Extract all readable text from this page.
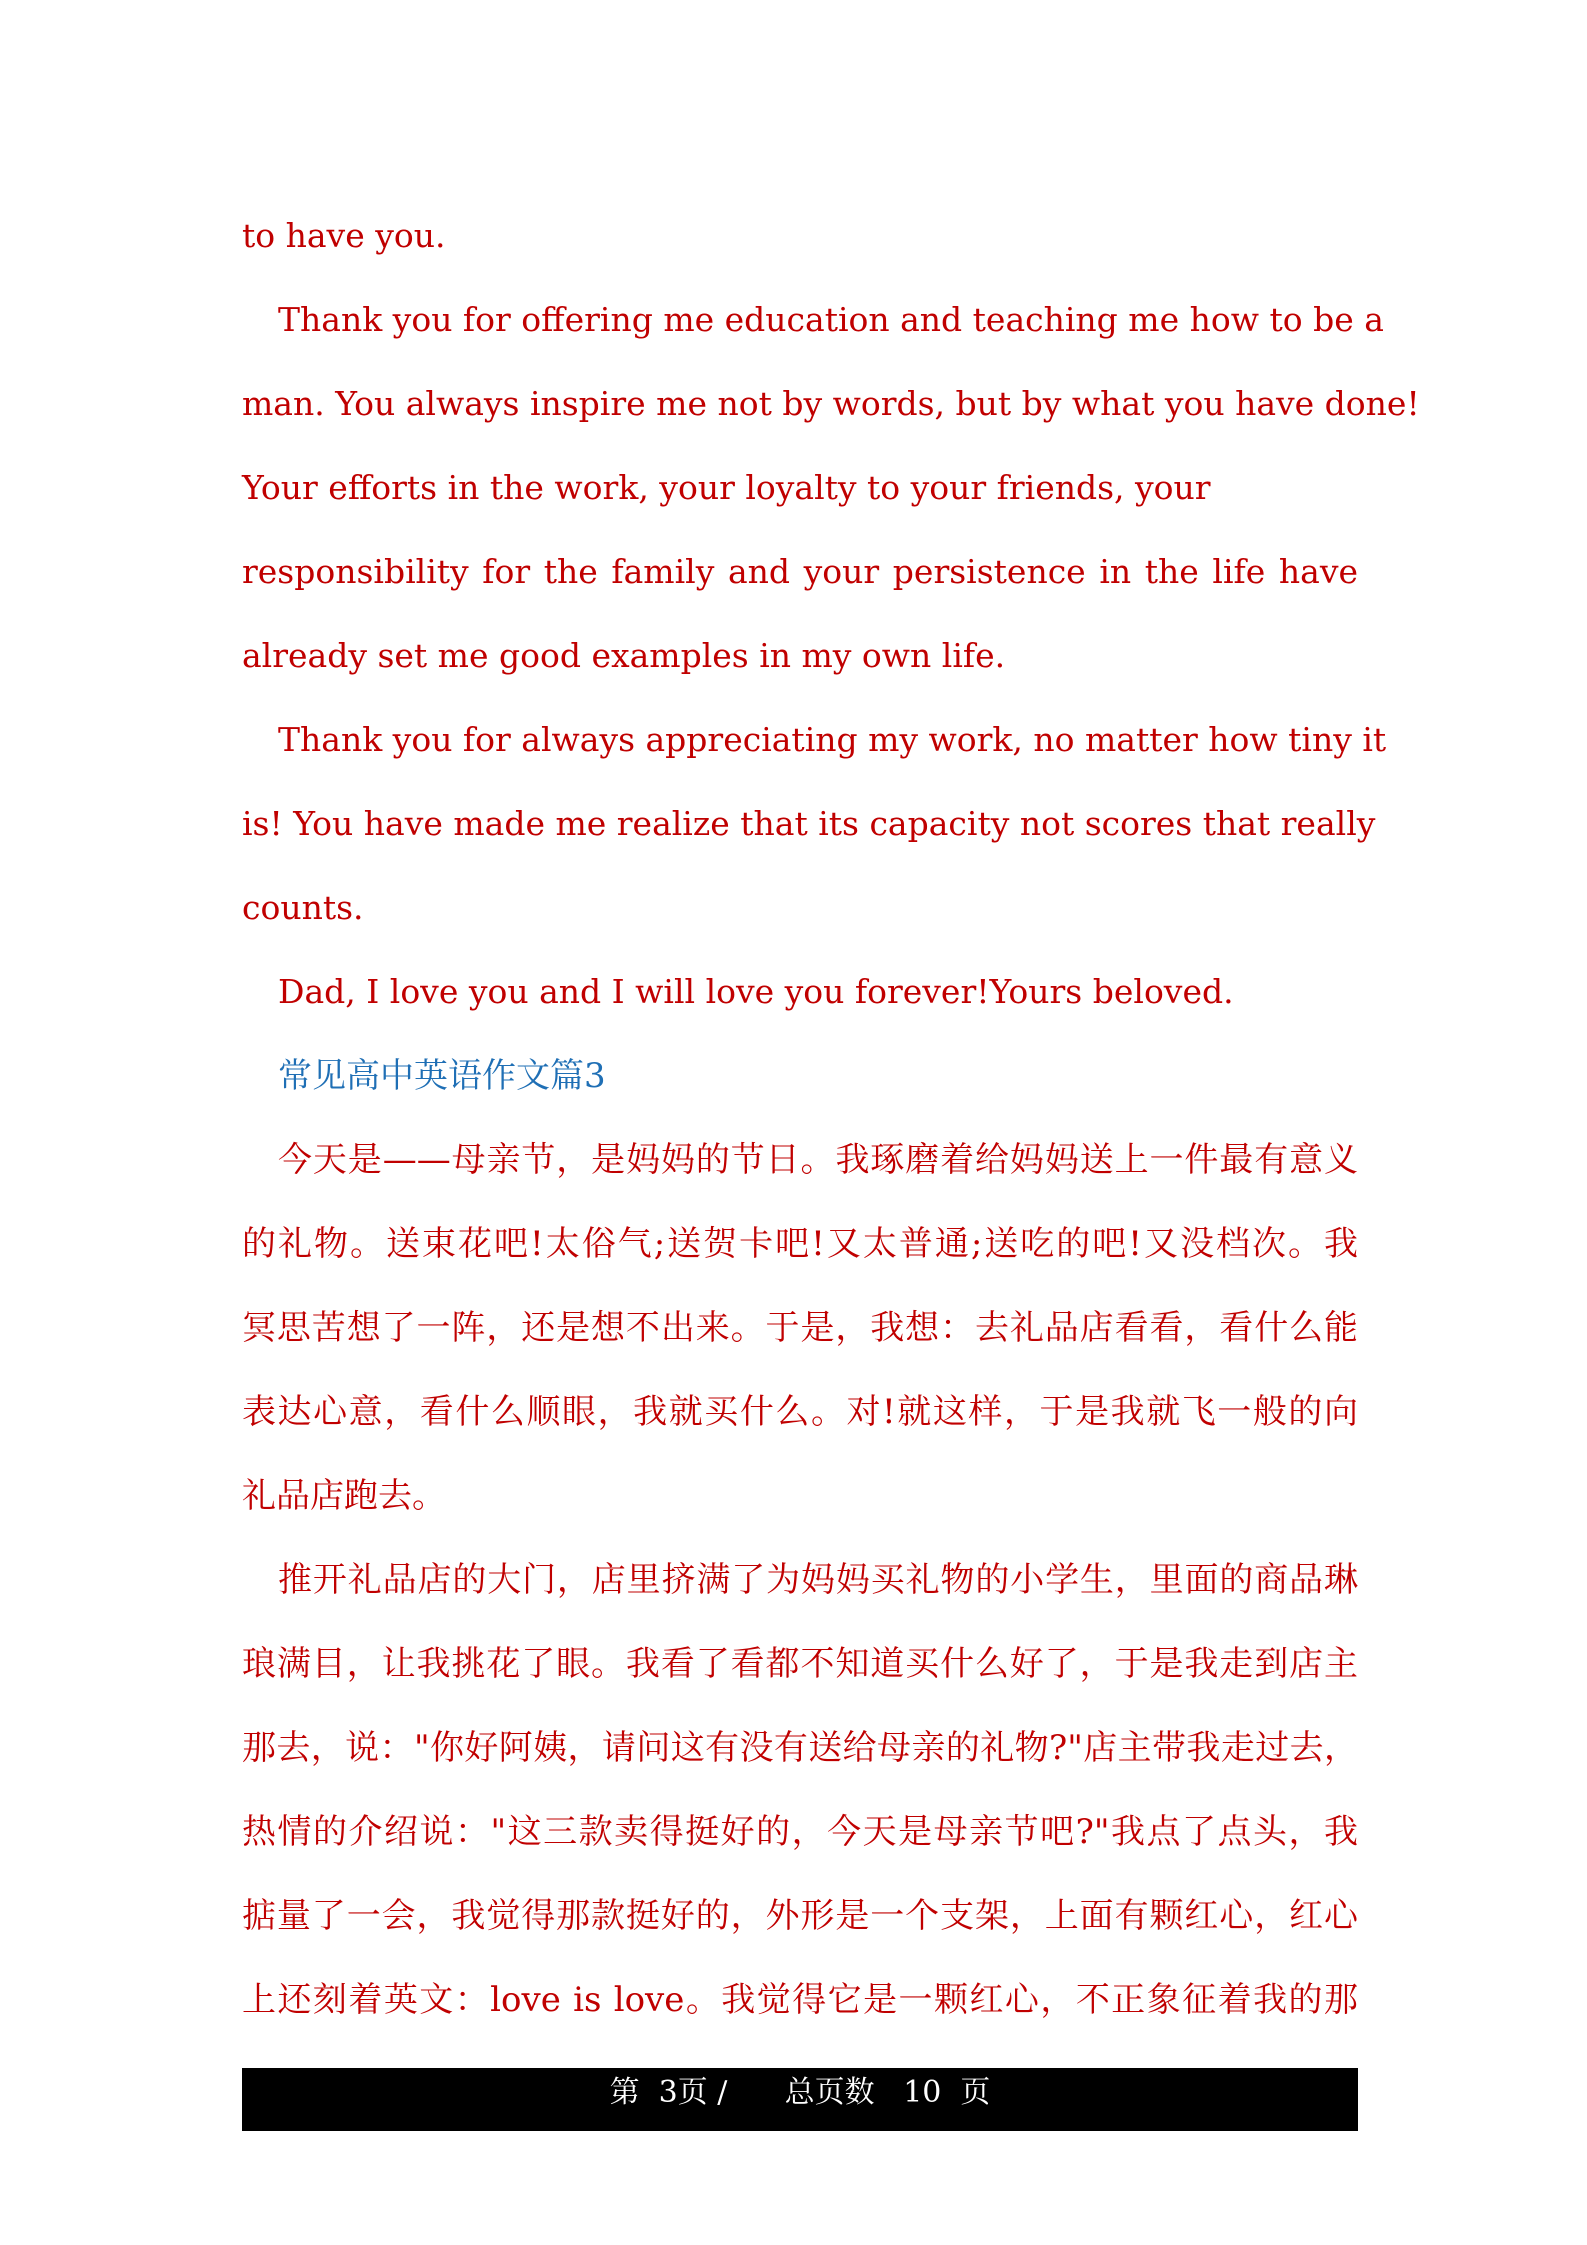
to have you.
Thank you for offering me education and teaching me how to be a
man. You always inspire me not by words, but by what you have done!
Your efforts in the work, your loyalty to your friends, your
responsibility for the family and your persistence in the life have
already set me good examples in my own life.
Thank you for always appreciating my work, no matter how tiny it
is! You have made me realize that its capacity not scores that really
counts.
Dad, I love you and I will love you forever!Yours beloved.
常见高中英语作文篇3
今天是——母亲节，是妈妈的节日。我琢磨着给妈妈送上一件最有意义
的礼物。送束花吧!太俗气;送贺卡吧!又太普通;送吃的吧!又没档次。我
冥思苦想了一阵，还是想不出来。于是，我想：去礼品店看看，看什么能
表达心意，看什么顺眼，我就买什么。对!就这样，于是我就飞一般的向
礼品店跑去。
推开礼品店的大门，店里挤满了为妈妈买礼物的小学生，里面的商品琳
琅满目，让我挑花了眼。我看了看都不知道买什么好了，于是我走到店主
那去，说："你好阿姨，请问这有没有送给母亲的礼物?"店主带我走过去，
热情的介绍说："这三款卖得挺好的，今天是母亲节吧?"我点了点头，我
掂量了一会，我觉得那款挺好的，外形是一个支架，上面有颗红心，红心
上还刻着英文：love is love。我觉得它是一颗红心，不正象征着我的那
第  3页 /      总页数   10  页
